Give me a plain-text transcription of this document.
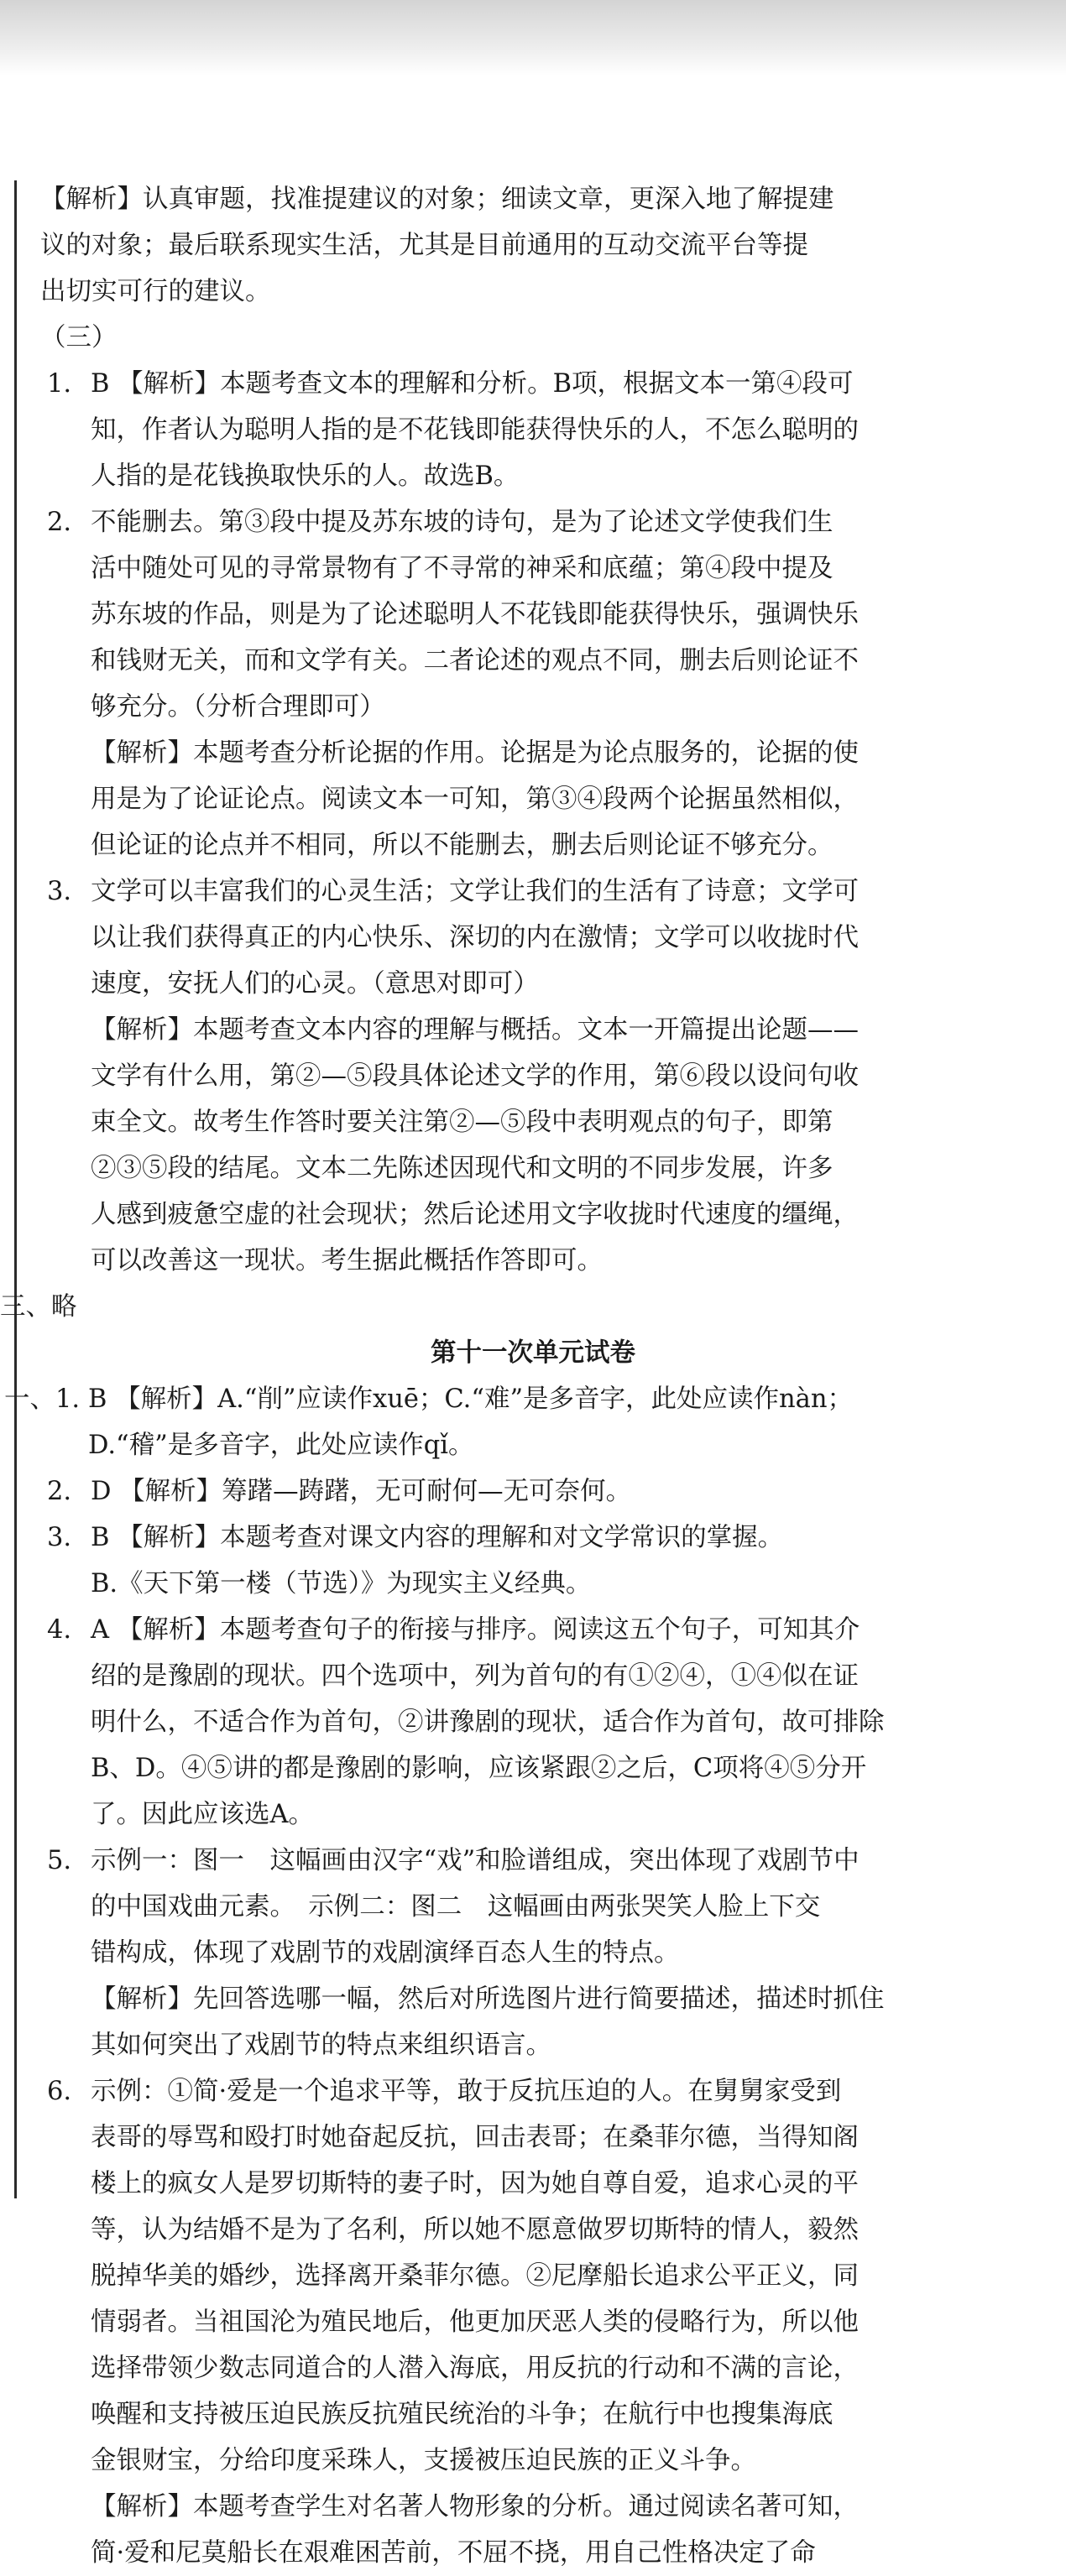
【解析】认真审题，找准提建议的对象；细读文章，更深入地了解提建
议的对象；最后联系现实生活，尤其是目前通用的互动交流平台等提
出切实可行的建议。
（三）
1. B 【解析】本题考查文本的理解和分析。B项，根据文本一第④段可
知，作者认为聪明人指的是不花钱即能获得快乐的人，不怎么聪明的
人指的是花钱换取快乐的人。故选B。
2. 不能删去。第③段中提及苏东坡的诗句，是为了论述文学使我们生
活中随处可见的寻常景物有了不寻常的神采和底蕴；第④段中提及
苏东坡的作品，则是为了论述聪明人不花钱即能获得快乐，强调快乐
和钱财无关，而和文学有关。二者论述的观点不同，删去后则论证不
够充分。（分析合理即可）
【解析】本题考查分析论据的作用。论据是为论点服务的，论据的使
用是为了论证论点。阅读文本一可知，第③④段两个论据虽然相似，
但论证的论点并不相同，所以不能删去，删去后则论证不够充分。
3. 文学可以丰富我们的心灵生活；文学让我们的生活有了诗意；文学可
以让我们获得真正的内心快乐、深切的内在激情；文学可以收拢时代
速度，安抚人们的心灵。（意思对即可）
【解析】本题考查文本内容的理解与概括。文本一开篇提出论题——
文学有什么用，第②—⑤段具体论述文学的作用，第⑥段以设问句收
束全文。故考生作答时要关注第②—⑤段中表明观点的句子，即第
②③⑤段的结尾。文本二先陈述因现代和文明的不同步发展，许多
人感到疲惫空虚的社会现状；然后论述用文字收拢时代速度的缰绳，
可以改善这一现状。考生据此概括作答即可。
三、略
第十一次单元试卷
一、1. B 【解析】A.“削”应读作xuē；C.“难”是多音字，此处应读作nàn；
D.“稽”是多音字，此处应读作qǐ。
2. D 【解析】筹躇—踌躇，无可耐何—无可奈何。
3. B 【解析】本题考查对课文内容的理解和对文学常识的掌握。
B.《天下第一楼（节选）》为现实主义经典。
4. A 【解析】本题考查句子的衔接与排序。阅读这五个句子，可知其介
绍的是豫剧的现状。四个选项中，列为首句的有①②④，①④似在证
明什么，不适合作为首句，②讲豫剧的现状，适合作为首句，故可排除
B、D。④⑤讲的都是豫剧的影响，应该紧跟②之后，C项将④⑤分开
了。因此应该选A。
5. 示例一：图一　这幅画由汉字“戏”和脸谱组成，突出体现了戏剧节中
的中国戏曲元素。　示例二：图二　这幅画由两张哭笑人脸上下交
错构成，体现了戏剧节的戏剧演绎百态人生的特点。
【解析】先回答选哪一幅，然后对所选图片进行简要描述，描述时抓住
其如何突出了戏剧节的特点来组织语言。
6. 示例：①简·爱是一个追求平等，敢于反抗压迫的人。在舅舅家受到
表哥的辱骂和殴打时她奋起反抗，回击表哥；在桑菲尔德，当得知阁
楼上的疯女人是罗切斯特的妻子时，因为她自尊自爱，追求心灵的平
等，认为结婚不是为了名利，所以她不愿意做罗切斯特的情人，毅然
脱掉华美的婚纱，选择离开桑菲尔德。②尼摩船长追求公平正义，同
情弱者。当祖国沦为殖民地后，他更加厌恶人类的侵略行为，所以他
选择带领少数志同道合的人潜入海底，用反抗的行动和不满的言论，
唤醒和支持被压迫民族反抗殖民统治的斗争；在航行中也搜集海底
金银财宝，分给印度采珠人，支援被压迫民族的正义斗争。
【解析】本题考查学生对名著人物形象的分析。通过阅读名著可知，
简·爱和尼莫船长在艰难困苦前，不屈不挠，用自己性格决定了命
